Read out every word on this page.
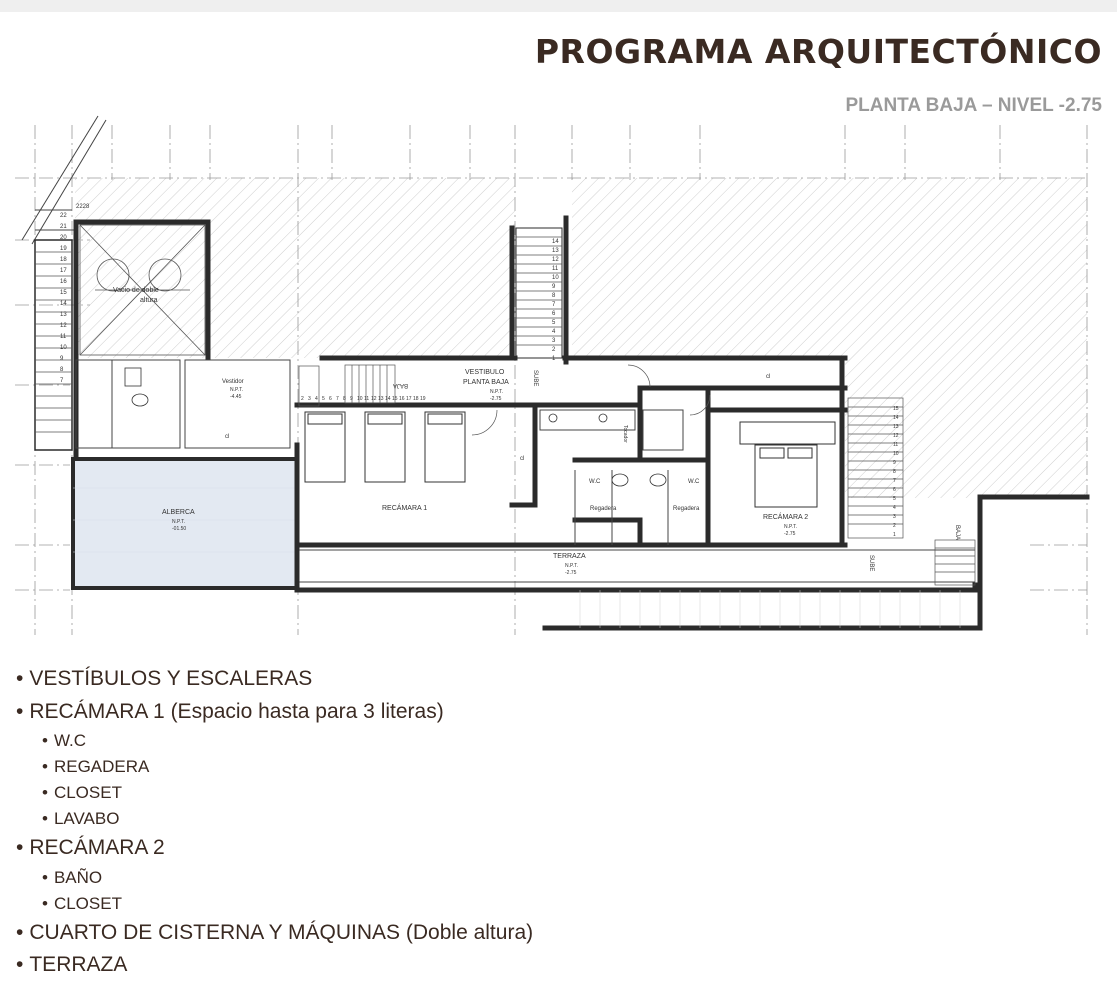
PROGRAMA ARQUITECTÓNICO
PLANTA BAJA – NIVEL -2.75
Vacio de doble
altura
2228
VESTIBULO
PLANTA BAJA
N.P.T.
-2.75
Vestidor
N.P.T.
-4.45
ALBERCA
N.P.T.
-01.50
RECÁMARA 1
RECÁMARA 2
N.P.T.
-2.75
TERRAZA
N.P.T.
-2.75
W.C	W.C
Regadera	Regadera
Tocador
cl
cl
cl
SUBE
SUBE
BAJA
BAJA
22
21
20
19
18
17
16
15
14
13
12
11
10
9
8
7
14
13
12
11
10
9
8
7
6
5
4
3
2
1
15
14
13
12
11
10
9
8
7
6
5
4
3
2
1
2 3 4 5 6 7 8 9 10 11 12 13 14 15 16 17 18 19
• VESTÍBULOS Y ESCALERAS
• RECÁMARA 1 (Espacio hasta para 3 literas)
• W.C
• REGADERA
• CLOSET
• LAVABO
• RECÁMARA 2
• BAÑO
• CLOSET
• CUARTO DE CISTERNA Y MÁQUINAS (Doble altura)
• TERRAZA
